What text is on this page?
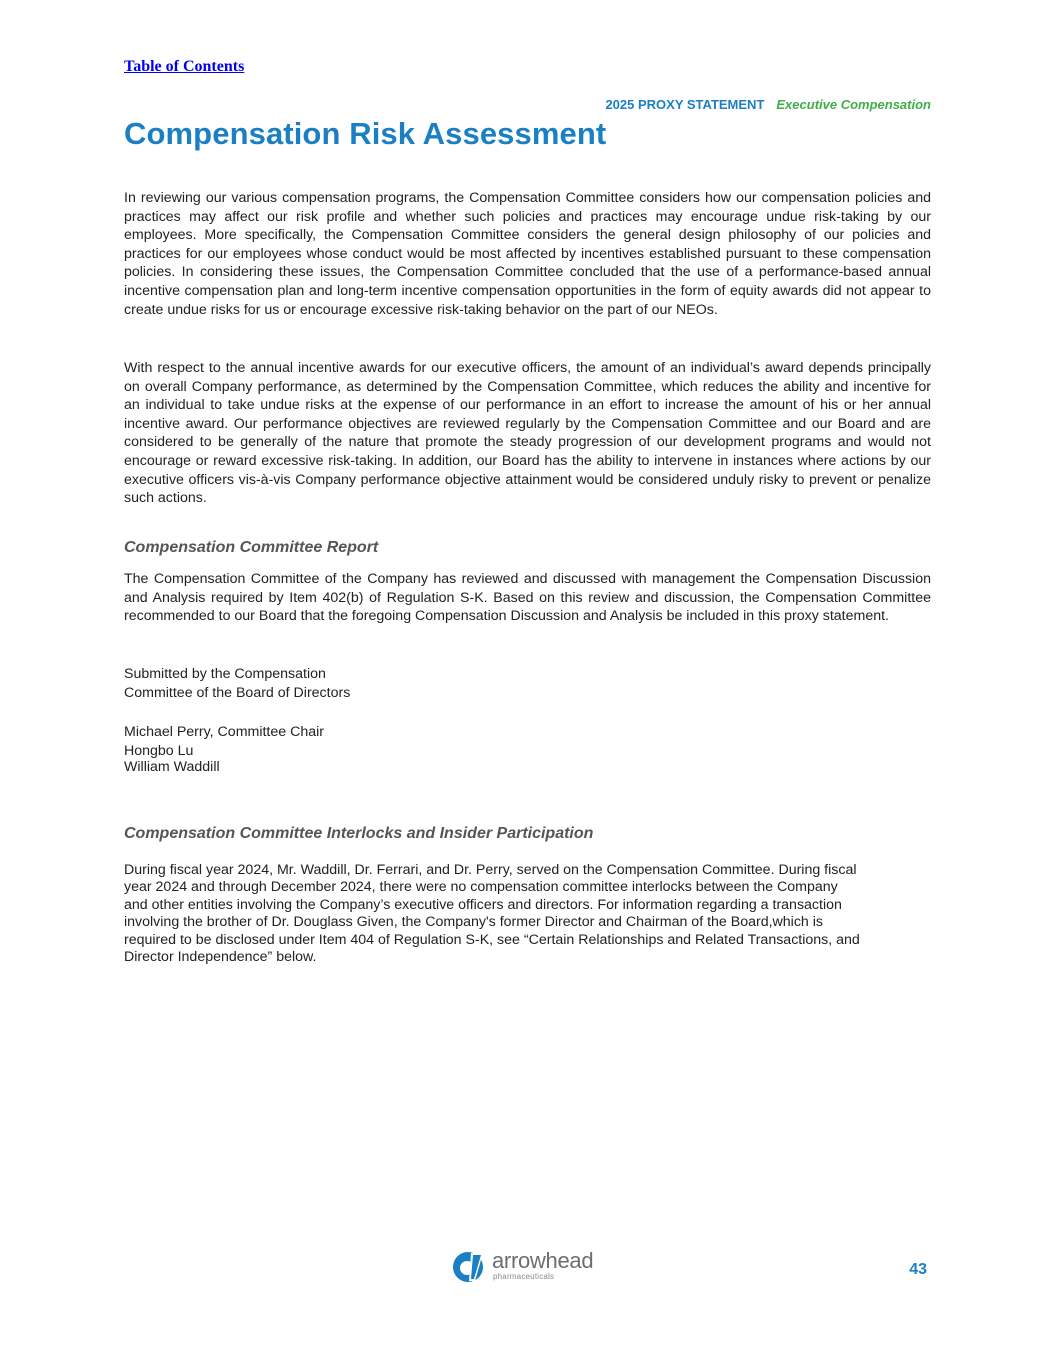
Table of Contents
2025 PROXY STATEMENT Executive Compensation
Compensation Risk Assessment

In reviewing our various compensation programs, the Compensation Committee considers how our compensation policies and practices may affect our risk profile and whether such policies and practices may encourage undue risk-taking by our employees. More specifically, the Compensation Committee considers the general design philosophy of our policies and practices for our employees whose conduct would be most affected by incentives established pursuant to these compensation policies. In considering these issues, the Compensation Committee concluded that the use of a performance-based annual incentive compensation plan and long-term incentive compensation opportunities in the form of equity awards did not appear to create undue risks for us or encourage excessive risk-taking behavior on the part of our NEOs.

With respect to the annual incentive awards for our executive officers, the amount of an individual’s award depends principally on overall Company performance, as determined by the Compensation Committee, which reduces the ability and incentive for an individual to take undue risks at the expense of our performance in an effort to increase the amount of his or her annual incentive award. Our performance objectives are reviewed regularly by the Compensation Committee and our Board and are considered to be generally of the nature that promote the steady progression of our development programs and would not encourage or reward excessive risk-taking. In addition, our Board has the ability to intervene in instances where actions by our executive officers vis-à-vis Company performance objective attainment would be considered unduly risky to prevent or penalize such actions.

Compensation Committee Report

The Compensation Committee of the Company has reviewed and discussed with management the Compensation Discussion and Analysis required by Item 402(b) of Regulation S-K. Based on this review and discussion, the Compensation Committee recommended to our Board that the foregoing Compensation Discussion and Analysis be included in this proxy statement.

Submitted by the Compensation
Committee of the Board of Directors
Michael Perry, Committee Chair
Hongbo Lu
William Waddill
Compensation Committee Interlocks and Insider Participation
During fiscal year 2024, Mr. Waddill, Dr. Ferrari, and Dr. Perry, served on the Compensation Committee. During fiscal
year 2024 and through December 2024, there were no compensation committee interlocks between the Company
and other entities involving the Company’s executive officers and directors. For information regarding a transaction
involving the brother of Dr. Douglass Given, the Company's former Director and Chairman of the Board,which is
required to be disclosed under Item 404 of Regulation S-K, see “Certain Relationships and Related Transactions, and
Director Independence” below.
arrowhead
pharmaceuticals	43
